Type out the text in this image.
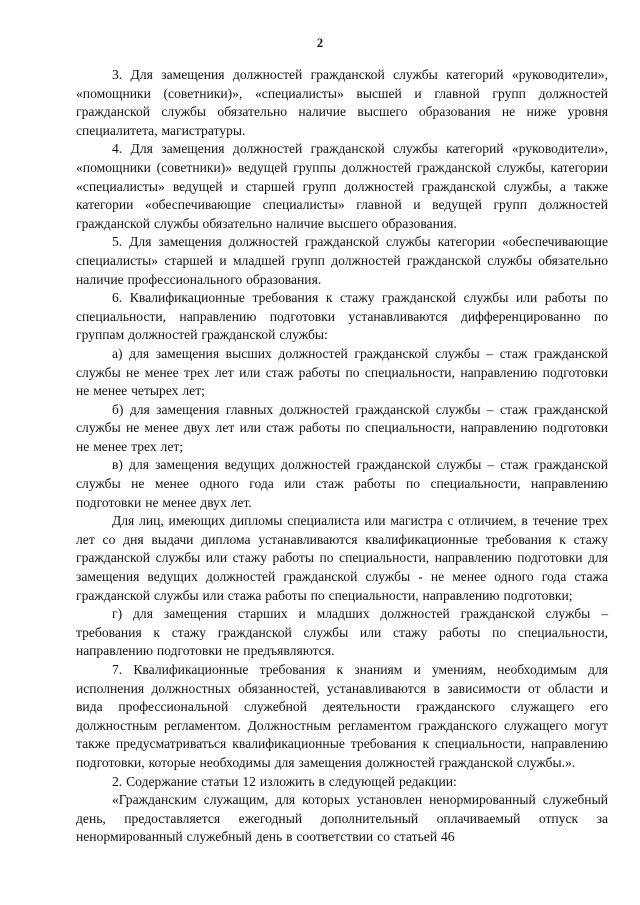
2

3. Для замещения должностей гражданской службы категорий «руководители», «помощники (советники)», «специалисты» высшей и главной групп должностей гражданской службы обязательно наличие высшего образования не ниже уровня специалитета, магистратуры.

4. Для замещения должностей гражданской службы категорий «руководители», «помощники (советники)» ведущей группы должностей гражданской службы, категории «специалисты» ведущей и старшей групп должностей гражданской службы, а также категории «обеспечивающие специалисты» главной и ведущей групп должностей гражданской службы обязательно наличие высшего образования.

5. Для замещения должностей гражданской службы категории «обеспечивающие специалисты» старшей и младшей групп должностей гражданской службы обязательно наличие профессионального образования.

6. Квалификационные требования к стажу гражданской службы или работы по специальности, направлению подготовки устанавливаются дифференцированно по группам должностей гражданской службы:

а) для замещения высших должностей гражданской службы – стаж гражданской службы не менее трех лет или стаж работы по специальности, направлению подготовки не менее четырех лет;

б) для замещения главных должностей гражданской службы – стаж гражданской службы не менее двух лет или стаж работы по специальности, направлению подготовки не менее трех лет;

в) для замещения ведущих должностей гражданской службы – стаж гражданской службы не менее одного года или стаж работы по специальности, направлению подготовки не менее двух лет.

Для лиц, имеющих дипломы специалиста или магистра с отличием, в течение трех лет со дня выдачи диплома устанавливаются квалификационные требования к стажу гражданской службы или стажу работы по специальности, направлению подготовки для замещения ведущих должностей гражданской службы - не менее одного года стажа гражданской службы или стажа работы по специальности, направлению подготовки;

г) для замещения старших и младших должностей гражданской службы – требования к стажу гражданской службы или стажу работы по специальности, направлению подготовки не предъявляются.

7. Квалификационные требования к знаниям и умениям, необходимым для исполнения должностных обязанностей, устанавливаются в зависимости от области и вида профессиональной служебной деятельности гражданского служащего его должностным регламентом. Должностным регламентом гражданского служащего могут также предусматриваться квалификационные требования к специальности, направлению подготовки, которые необходимы для замещения должностей гражданской службы.».

2. Содержание статьи 12 изложить в следующей редакции:

«Гражданским служащим, для которых установлен ненормированный служебный день, предоставляется ежегодный дополнительный оплачиваемый отпуск за ненормированный служебный день в соответствии со статьей 46
